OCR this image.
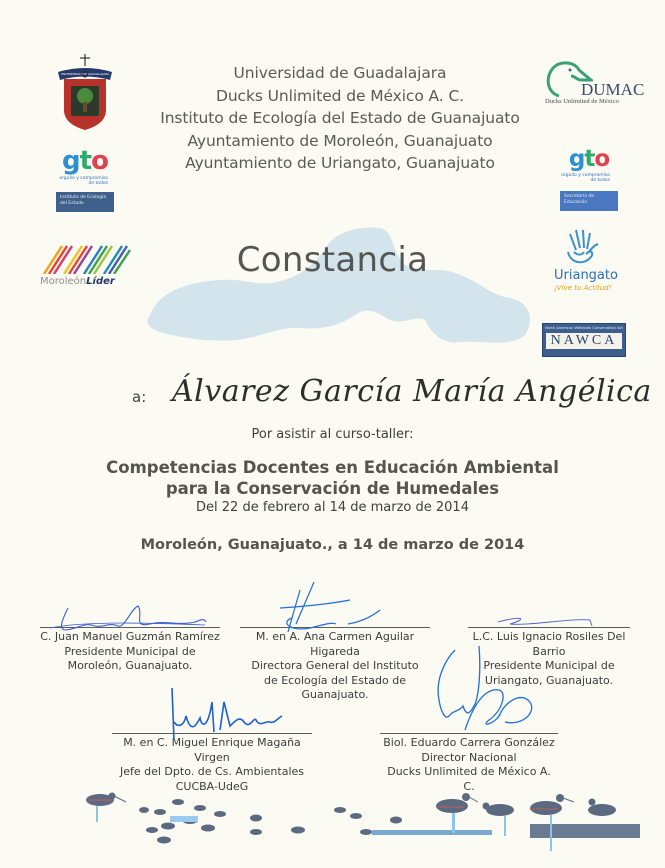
UNIVERSIDAD DE GUADALAJARA
gto
orgullo y compromiso de todos
Instituto de Ecología del Estado
MoroleónLíder
DUMAC
Ducks Unlimited de México
gto
orgullo y compromiso de todos
Secretaría de Educación
Uriangato
¡Vive tu Actitud!
North American Wetlands Conservation Act
NAWCA
Universidad de Guadalajara
Ducks Unlimited de México A. C.
Instituto de Ecología del Estado de Guanajuato
Ayuntamiento de Moroleón, Guanajuato
Ayuntamiento de Uriangato, Guanajuato
Constancia
a: Álvarez García María Angélica
Por asistir al curso-taller:
Competencias Docentes en Educación Ambiental
para la Conservación de Humedales
Del 22 de febrero al 14 de marzo de 2014
Moroleón, Guanajuato., a 14 de marzo de 2014
C. Juan Manuel Guzmán Ramírez
Presidente Municipal de
Moroleón, Guanajuato.
M. en A. Ana Carmen Aguilar Higareda
Directora General del Instituto
de Ecología del Estado de Guanajuato.
L.C. Luis Ignacio Rosiles Del Barrio
Presidente Municipal de
Uriangato, Guanajuato.
M. en C. Miguel Enrique Magaña Virgen
Jefe del Dpto. de Cs. Ambientales
CUCBA-UdeG
Biol. Eduardo Carrera González
Director Nacional
Ducks Unlimited de México A. C.
